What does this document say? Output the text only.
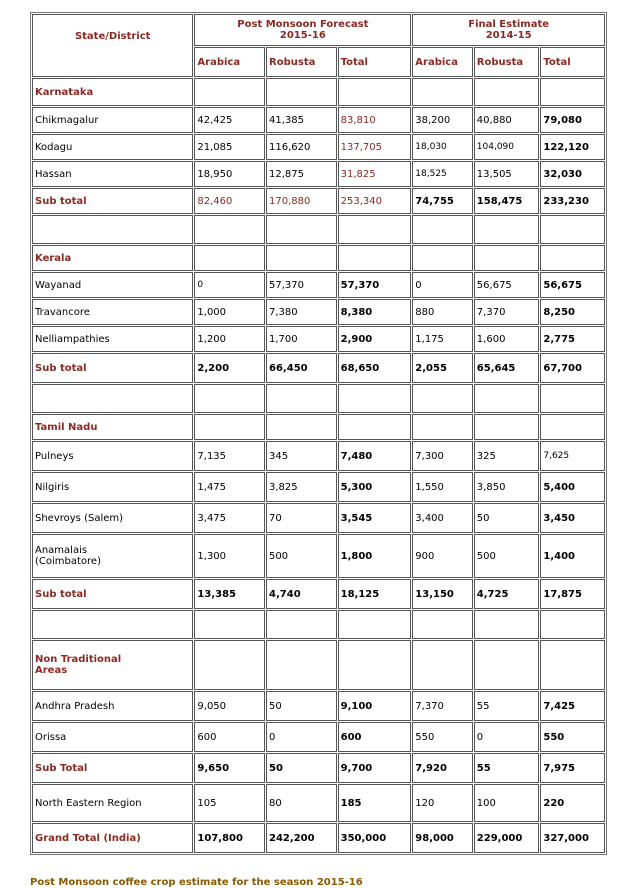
State/District	Post Monsoon Forecast 2015-16			Final Estimate 2014-15		
	Arabica	Robusta	Total	Arabica	Robusta	Total
Karnataka						
Chikmagalur	42,425	41,385	83,810	38,200	40,880	79,080
Kodagu	21,085	116,620	137,705	18,030	104,090	122,120
Hassan	18,950	12,875	31,825	18,525	13,505	32,030
Sub total	82,460	170,880	253,340	74,755	158,475	233,230

Kerala						
Wayanad	0	57,370	57,370	0	56,675	56,675
Travancore	1,000	7,380	8,380	880	7,370	8,250
Nelliampathies	1,200	1,700	2,900	1,175	1,600	2,775
Sub total	2,200	66,450	68,650	2,055	65,645	67,700

Tamil Nadu						
Pulneys	7,135	345	7,480	7,300	325	7,625
Nilgiris	1,475	3,825	5,300	1,550	3,850	5,400
Shevroys (Salem)	3,475	70	3,545	3,400	50	3,450
Anamalais (Coimbatore)	1,300	500	1,800	900	500	1,400
Sub total	13,385	4,740	18,125	13,150	4,725	17,875

Non Traditional Areas						
Andhra Pradesh	9,050	50	9,100	7,370	55	7,425
Orissa	600	0	600	550	0	550
Sub Total	9,650	50	9,700	7,920	55	7,975
North Eastern Region	105	80	185	120	100	220
Grand Total (India)	107,800	242,200	350,000	98,000	229,000	327,000
Post Monsoon coffee crop estimate for the season 2015-16
